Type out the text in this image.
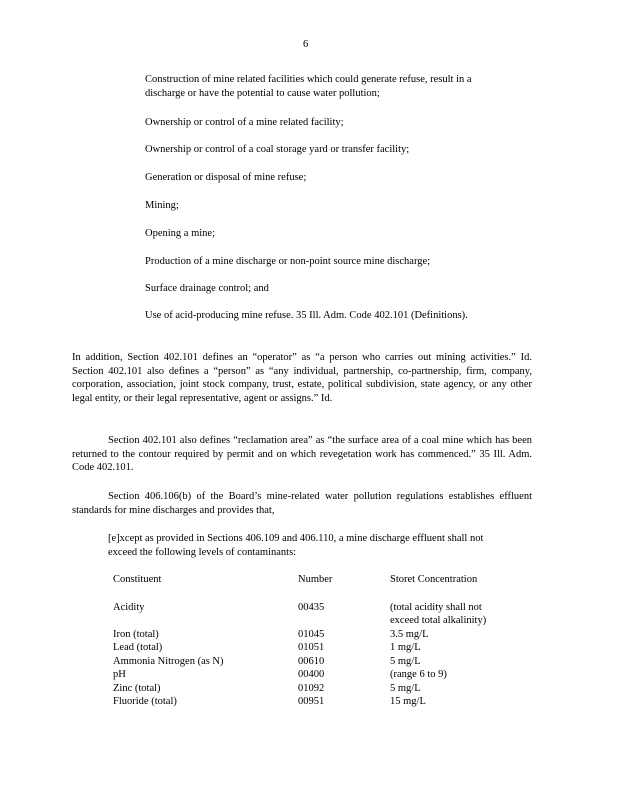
6
Construction of mine related facilities which could generate refuse, result in a discharge or have the potential to cause water pollution;
Ownership or control of a mine related facility;
Ownership or control of a coal storage yard or transfer facility;
Generation or disposal of mine refuse;
Mining;
Opening a mine;
Production of a mine discharge or non-point source mine discharge;
Surface drainage control; and
Use of acid-producing mine refuse. 35 Ill. Adm. Code 402.101 (Definitions).
In addition, Section 402.101 defines an “operator” as “a person who carries out mining activities.” Id. Section 402.101 also defines a “person” as “any individual, partnership, co-partnership, firm, company, corporation, association, joint stock company, trust, estate, political subdivision, state agency, or any other legal entity, or their legal representative, agent or assigns.” Id.
Section 402.101 also defines “reclamation area” as “the surface area of a coal mine which has been returned to the contour required by permit and on which revegetation work has commenced.” 35 Ill. Adm. Code 402.101.
Section 406.106(b) of the Board’s mine-related water pollution regulations establishes effluent standards for mine discharges and provides that,
[e]xcept as provided in Sections 406.109 and 406.110, a mine discharge effluent shall not exceed the following levels of contaminants:
Constituent	Number	Storet Concentration

Acidity	00435	(total acidity shall not exceed total alkalinity)
Iron (total)	01045	3.5 mg/L
Lead (total)	01051	1 mg/L
Ammonia Nitrogen (as N)	00610	5 mg/L
pH	00400	(range 6 to 9)
Zinc (total)	01092	5 mg/L
Fluoride (total)	00951	15 mg/L
